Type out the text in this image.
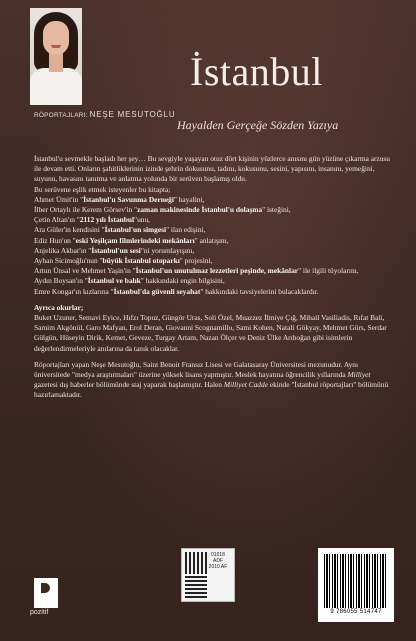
RÖPORTAJLARI: NEŞE MESUTOĞLU
İstanbul
Hayalden Gerçeğe Sözden Yazıya

İstanbul'u sevmekle başladı her şey… Bu sevgiyle yaşayan otuz dört kişinin yüzlerce anısını gün yüzüne çıkarma arzusu ile devam etti. Onların şahitliklerinin izinde şehrin dokusunu, tadını, kokusunu, sesini, yapısını, insanını, yemeğini, suyunu, havasını tanıtma ve anlatma yolunda bir serüven başlamış oldu.

Bu serüvene eşlik etmek isteyenler bu kitapta;

Ahmet Ümit'in "İstanbul'u Savunma Derneği" hayalini,

İlber Ortaylı ile Kerem Görsev'in "zaman makinesinde İstanbul'u dolaşma" isteğini,

Çetin Altan'ın "2112 yılı İstanbul"unu,

Ara Güler'in kendisini "İstanbul'un simgesi" ilan edişini,

Ediz Hun'un "eski Yeşilçam filmlerindeki mekânları" anlatışını,

Anjelika Akbar'ın "İstanbul'un sesi"ni yorumlayışını,

Ayhan Sicimoğlu'nun "büyük İstanbul otoparkı" projesini,

Artun Ünsal ve Mehmet Yaşin'in "İstanbul'un unutulmaz lezzetleri peşinde, mekânlar" ile ilgili tüyolarını,

Aydın Boysan'ın "İstanbul ve balık" hakkındaki engin bilgisini,

Emre Kongar'ın kızlarına "İstanbul'da güvenli seyahat" hakkındaki tavsiyelerini bulacaklardır.

Ayrıca okurlar;

Buket Uzuner, Semavi Eyice, Hıfzı Topuz, Güngör Uras, Soli Özel, Muazzez İlmiye Çığ, Mihail Vasiliadis, Rıfat Bali, Samim Akgönül, Garo Mafyan, Erol Deran, Giovanni Scognamillo, Sami Kohen, Natali Gökyay, Mehmet Gürs, Serdar Gülgün, Hüseyin Dirik, Kemet, Geveze, Turgay Artam, Nazan Ölçer ve Deniz Ülke Arıboğan gibi isimlerin değerlendirmeleriyle anılarına da tanık olacaklar.

Röportajları yapan Neşe Mesutoğlu, Saint Benoit Fransız Lisesi ve Galatasaray Üniversitesi mezunudur. Aynı üniversitede "medya araştırmaları" üzerine yüksek lisans yapmıştır. Meslek hayatına öğrencilik yıllarında Milliyet gazetesi dış haberler bölümünde staj yaparak başlamıştır. Halen Milliyet Cadde ekinde "İstanbul röportajları" bölümünü hazırlamaktadır.

01018 ADF 2010 AF
9 786055 514747
pozitif
